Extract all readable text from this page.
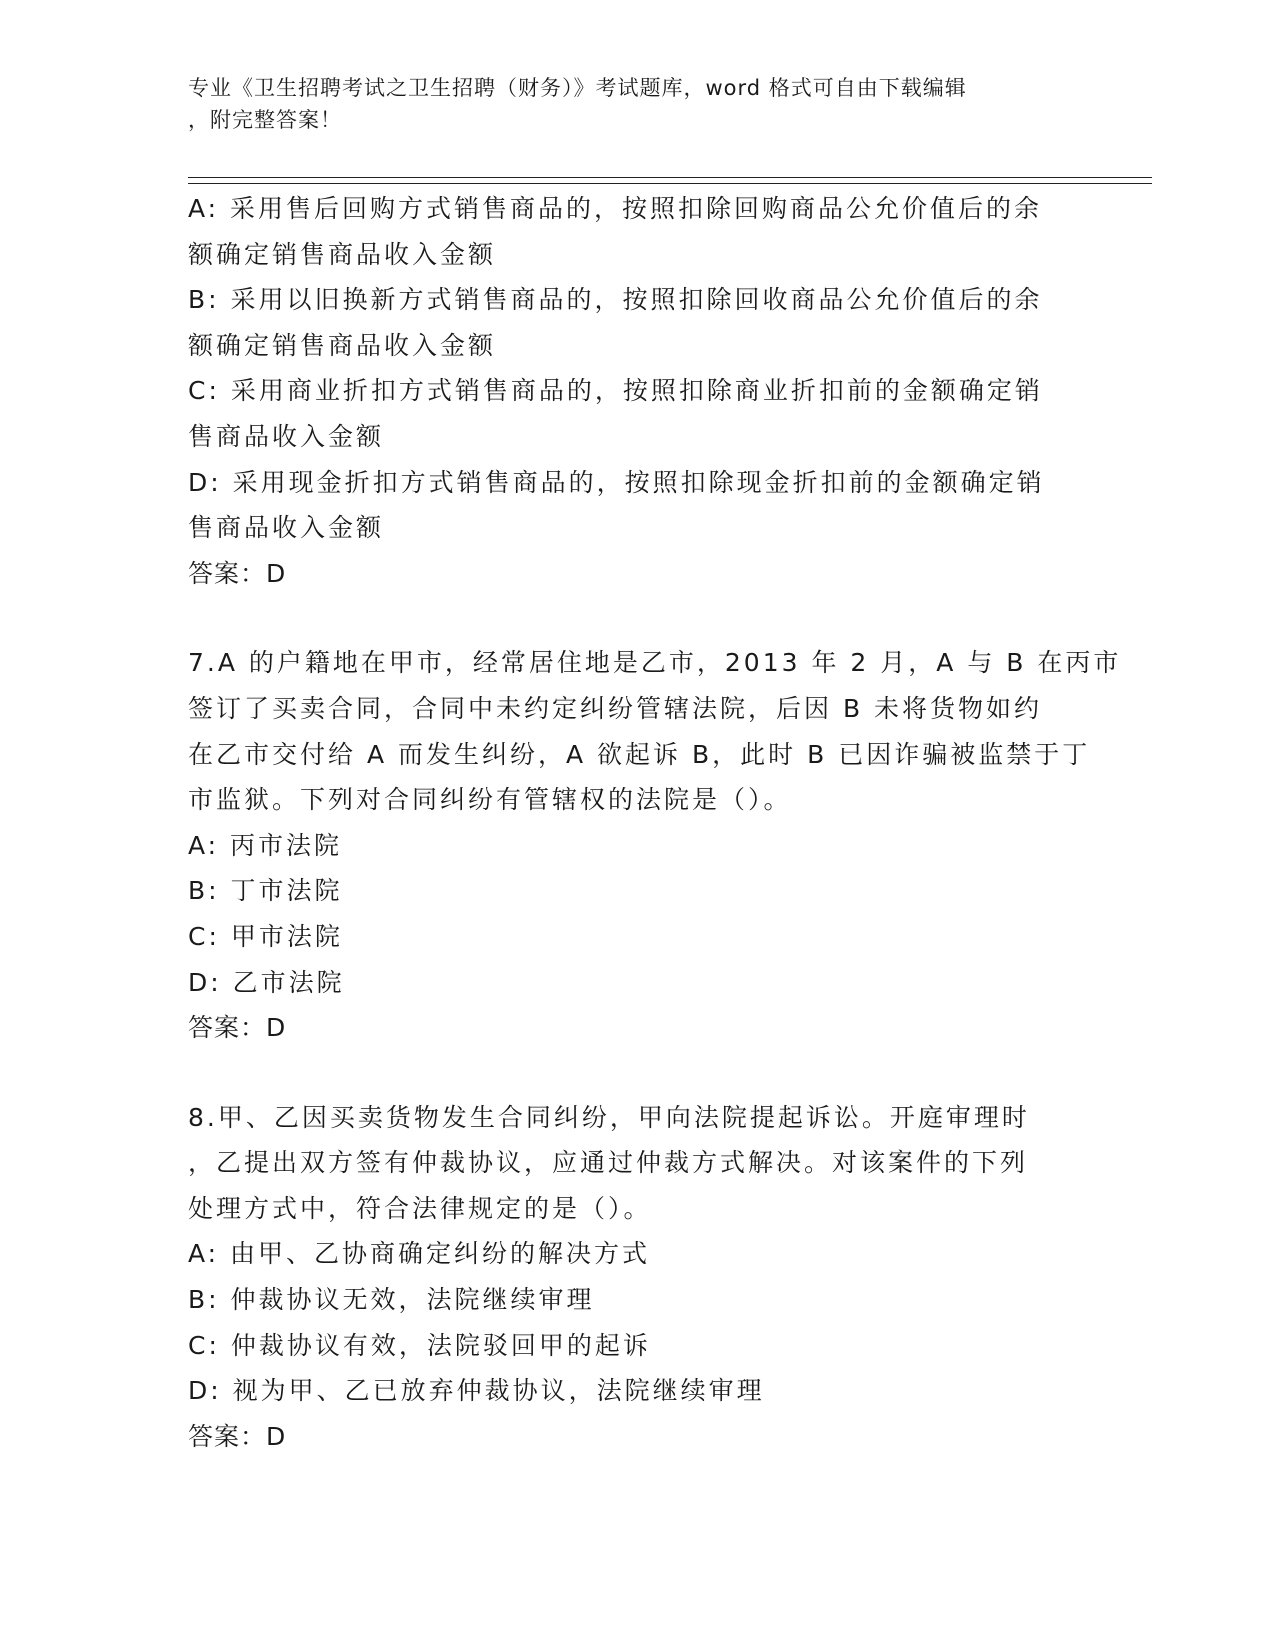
专业《卫生招聘考试之卫生招聘（财务）》考试题库，word 格式可自由下载编辑
，附完整答案！
A: 采用售后回购方式销售商品的，按照扣除回购商品公允价值后的余
额确定销售商品收入金额
B: 采用以旧换新方式销售商品的，按照扣除回收商品公允价值后的余
额确定销售商品收入金额
C: 采用商业折扣方式销售商品的，按照扣除商业折扣前的金额确定销
售商品收入金额
D: 采用现金折扣方式销售商品的，按照扣除现金折扣前的金额确定销
售商品收入金额
答案：D
7.A 的户籍地在甲市，经常居住地是乙市，2013 年 2 月，A 与 B 在丙市
签订了买卖合同，合同中未约定纠纷管辖法院，后因 B 未将货物如约
在乙市交付给 A 而发生纠纷，A 欲起诉 B，此时 B 已因诈骗被监禁于丁
市监狱。下列对合同纠纷有管辖权的法院是（）。
A: 丙市法院
B: 丁市法院
C: 甲市法院
D: 乙市法院
答案：D
8.甲、乙因买卖货物发生合同纠纷，甲向法院提起诉讼。开庭审理时
，乙提出双方签有仲裁协议，应通过仲裁方式解决。对该案件的下列
处理方式中，符合法律规定的是（）。
A: 由甲、乙协商确定纠纷的解决方式
B: 仲裁协议无效，法院继续审理
C: 仲裁协议有效，法院驳回甲的起诉
D: 视为甲、乙已放弃仲裁协议，法院继续审理
答案：D
